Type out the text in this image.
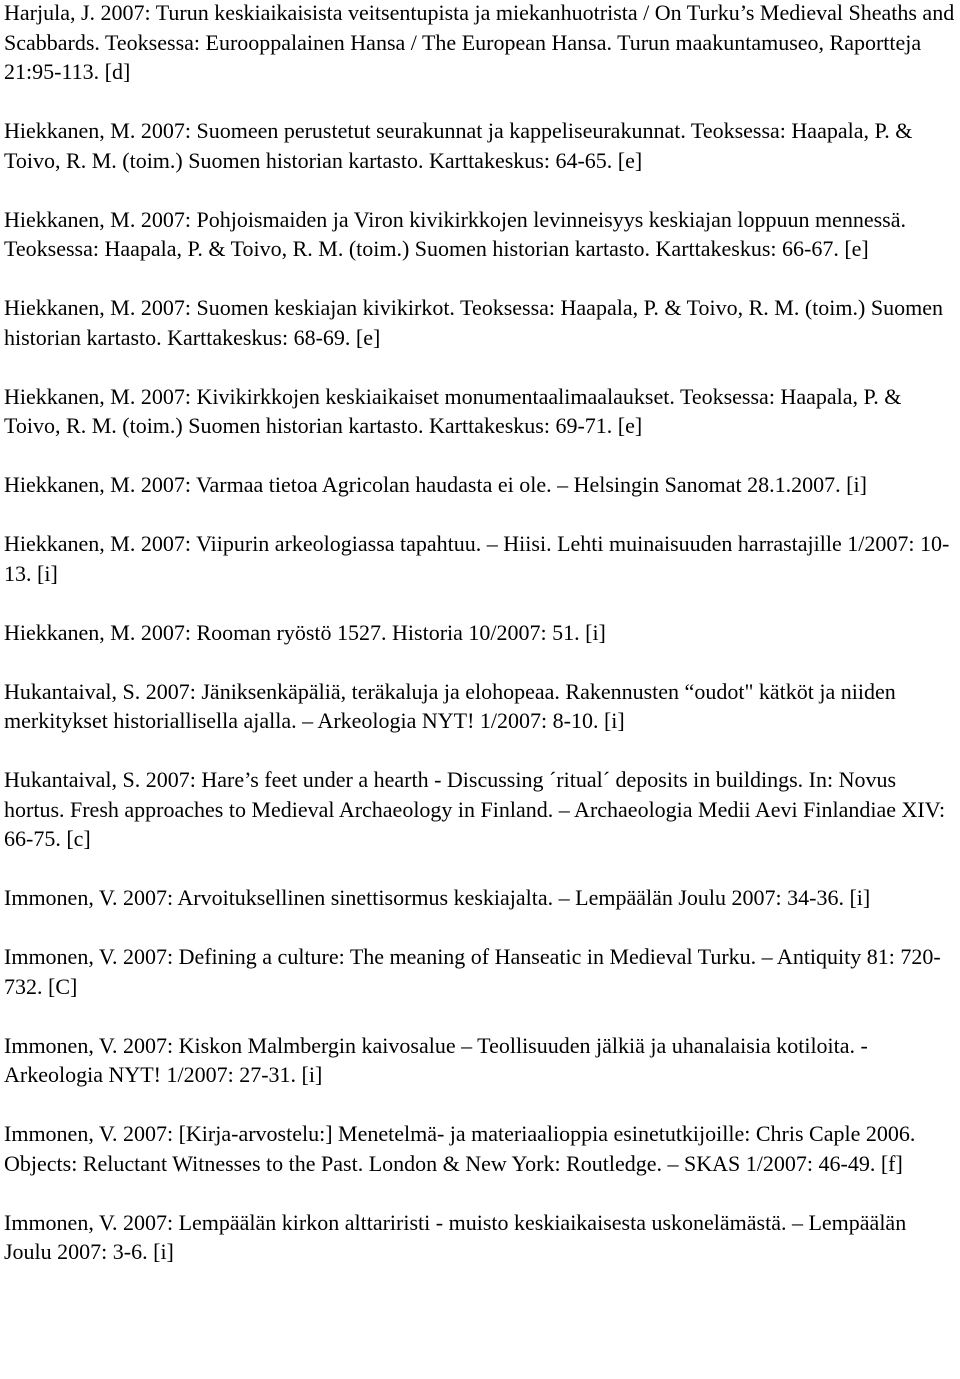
Harjula, J. 2007: Turun keskiaikaisista veitsentupista ja miekanhuotrista / On Turku’s Medieval Sheaths and Scabbards. Teoksessa: Eurooppalainen Hansa / The European Hansa. Turun maakuntamuseo, Raportteja 21:95-113. [d]

Hiekkanen, M. 2007: Suomeen perustetut seurakunnat ja kappeliseurakunnat. Teoksessa: Haapala, P. & Toivo, R. M. (toim.) Suomen historian kartasto. Karttakeskus: 64-65. [e]

Hiekkanen, M. 2007: Pohjoismaiden ja Viron kivikirkkojen levinneisyys keskiajan loppuun mennessä. Teoksessa: Haapala, P. & Toivo, R. M. (toim.) Suomen historian kartasto. Karttakeskus: 66-67. [e]

Hiekkanen, M. 2007: Suomen keskiajan kivikirkot. Teoksessa: Haapala, P. & Toivo, R. M. (toim.) Suomen historian kartasto. Karttakeskus: 68-69. [e]

Hiekkanen, M. 2007: Kivikirkkojen keskiaikaiset monumentaalimaalaukset. Teoksessa: Haapala, P. & Toivo, R. M. (toim.) Suomen historian kartasto. Karttakeskus: 69-71. [e]

Hiekkanen, M. 2007: Varmaa tietoa Agricolan haudasta ei ole. – Helsingin Sanomat 28.1.2007. [i]

Hiekkanen, M. 2007: Viipurin arkeologiassa tapahtuu. – Hiisi. Lehti muinaisuuden harrastajille 1/2007: 10-13. [i]

Hiekkanen, M. 2007: Rooman ryöstö 1527. Historia 10/2007: 51. [i]

Hukantaival, S. 2007: Jäniksenkäpäliä, teräkaluja ja elohopeaa. Rakennusten “oudot" kätköt ja niiden merkitykset historiallisella ajalla. – Arkeologia NYT! 1/2007: 8-10. [i]

Hukantaival, S. 2007: Hare’s feet under a hearth - Discussing ´ritual´ deposits in buildings. In: Novus hortus. Fresh approaches to Medieval Archaeology in Finland. – Archaeologia Medii Aevi Finlandiae XIV: 66-75. [c]

Immonen, V. 2007: Arvoituksellinen sinettisormus keskiajalta. – Lempäälän Joulu 2007: 34-36. [i]

Immonen, V. 2007: Defining a culture: The meaning of Hanseatic in Medieval Turku. – Antiquity 81: 720-732. [C]

Immonen, V. 2007: Kiskon Malmbergin kaivosalue – Teollisuuden jälkiä ja uhanalaisia kotiloita. - Arkeologia NYT! 1/2007: 27-31. [i]

Immonen, V. 2007: [Kirja-arvostelu:] Menetelmä- ja materiaalioppia esinetutkijoille: Chris Caple 2006. Objects: Reluctant Witnesses to the Past. London & New York: Routledge. – SKAS 1/2007: 46-49. [f]

Immonen, V. 2007: Lempäälän kirkon alttariristi - muisto keskiaikaisesta uskonelämästä. – Lempäälän Joulu 2007: 3-6. [i]
